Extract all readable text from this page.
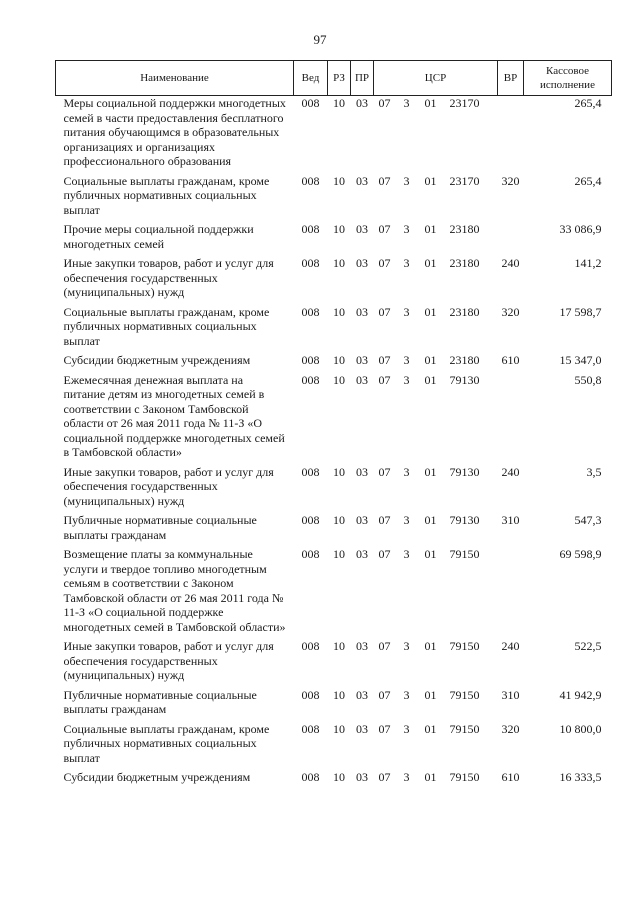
97
Наименование	Вед	РЗ	ПР	ЦСР	ВР	Кассовое
исполнение
Меры социальной поддержки многодетных семей в части предоставления бесплатного питания обучающимся в образовательных организациях и организациях профессионального образования	008	10	03	07 3 01 23170		265,4
Социальные выплаты гражданам, кроме публичных нормативных социальных выплат	008	10	03	07 3 01 23170	320	265,4
Прочие меры социальной поддержки многодетных семей	008	10	03	07 3 01 23180		33 086,9
Иные закупки товаров, работ и услуг для обеспечения государственных (муниципальных) нужд	008	10	03	07 3 01 23180	240	141,2
Социальные выплаты гражданам, кроме публичных нормативных социальных выплат	008	10	03	07 3 01 23180	320	17 598,7
Субсидии бюджетным учреждениям	008	10	03	07 3 01 23180	610	15 347,0
Ежемесячная денежная выплата на питание детям из многодетных семей в соответствии с Законом Тамбовской области от 26 мая 2011 года № 11-З «О социальной поддержке многодетных семей в Тамбовской области»	008	10	03	07 3 01 79130		550,8
Иные закупки товаров, работ и услуг для обеспечения государственных (муниципальных) нужд	008	10	03	07 3 01 79130	240	3,5
Публичные нормативные социальные выплаты гражданам	008	10	03	07 3 01 79130	310	547,3
Возмещение платы за коммунальные услуги и твердое топливо многодетным семьям в соответствии с Законом Тамбовской области от 26 мая 2011 года № 11-З «О социальной поддержке многодетных семей в Тамбовской области»	008	10	03	07 3 01 79150		69 598,9
Иные закупки товаров, работ и услуг для обеспечения государственных (муниципальных) нужд	008	10	03	07 3 01 79150	240	522,5
Публичные нормативные социальные выплаты гражданам	008	10	03	07 3 01 79150	310	41 942,9
Социальные выплаты гражданам, кроме публичных нормативных социальных выплат	008	10	03	07 3 01 79150	320	10 800,0
Субсидии бюджетным учреждениям	008	10	03	07 3 01 79150	610	16 333,5
